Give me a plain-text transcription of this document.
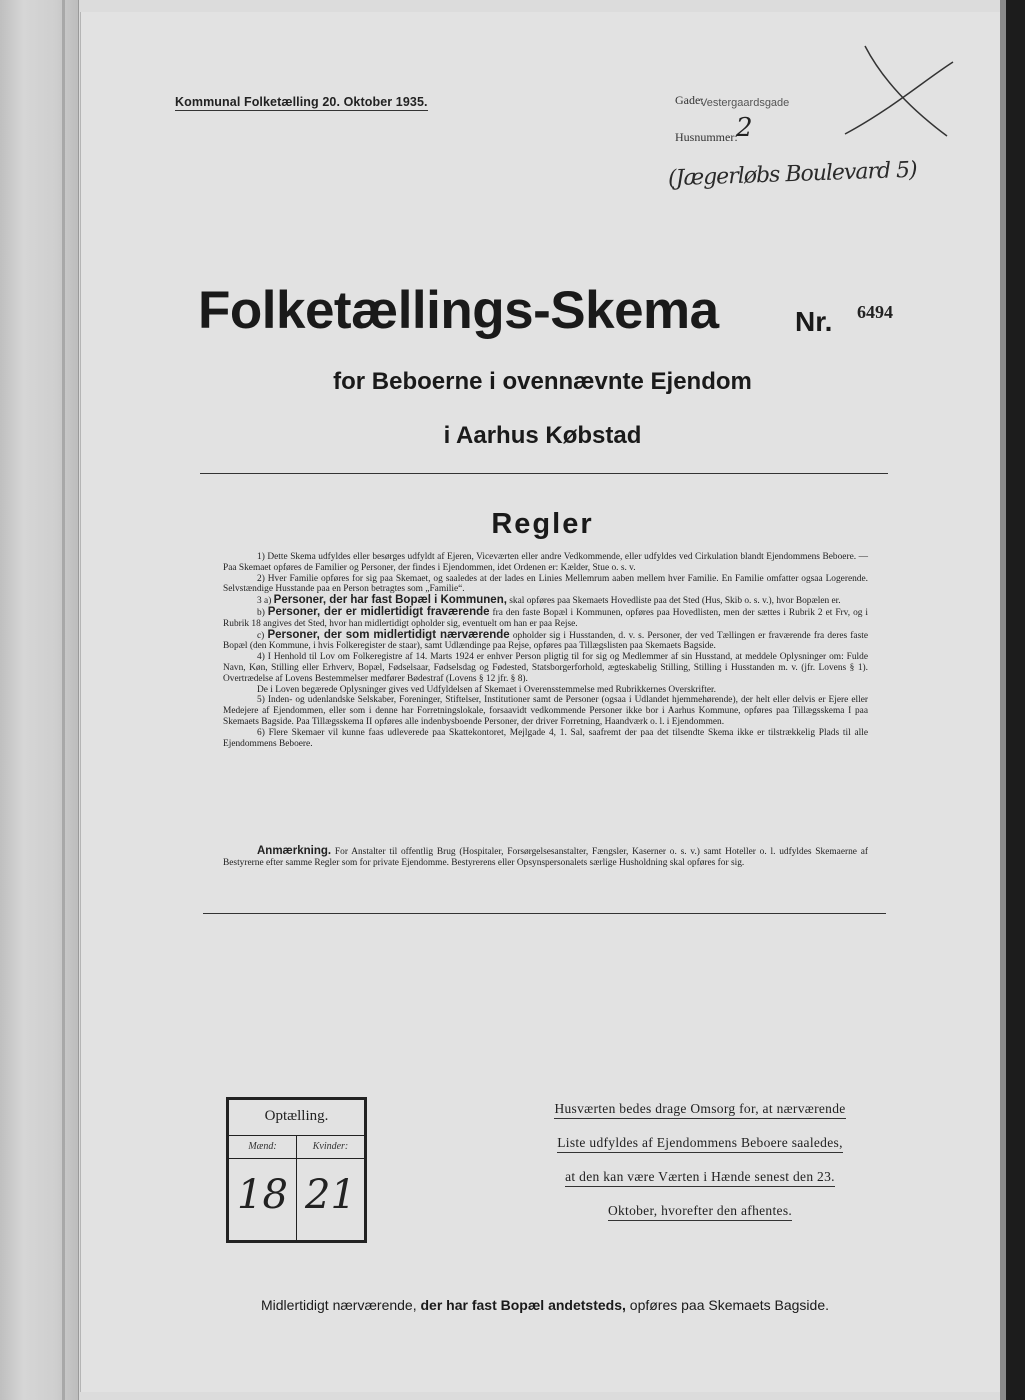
Kommunal Folketælling 20. Oktober 1935.	Gade:
Vestergaardsgade
Husnummer:
2
(Jægerløbs Boulevard 5)
Folketællings-Skema	Nr. 6494
for Beboerne i ovennævnte Ejendom
i Aarhus Købstad
Regler

1) Dette Skema udfyldes eller besørges udfyldt af Ejeren, Viceværten eller andre Vedkommende, eller udfyldes ved Cirkulation blandt Ejendommens Beboere. — Paa Skemaet opføres de Familier og Personer, der findes i Ejendommen, idet Ordenen er: Kælder, Stue o. s. v.

2) Hver Familie opføres for sig paa Skemaet, og saaledes at der lades en Linies Mellemrum aaben mellem hver Familie. En Familie omfatter ogsaa Logerende. Selvstændige Husstande paa en Person betragtes som „Familie“.

3 a) Personer, der har fast Bopæl i Kommunen, skal opføres paa Skemaets Hovedliste paa det Sted (Hus, Skib o. s. v.), hvor Bopælen er.

b) Personer, der er midlertidigt fraværende fra den faste Bopæl i Kommunen, opføres paa Hovedlisten, men der sættes i Rubrik 2 et Frv, og i Rubrik 18 angives det Sted, hvor han midlertidigt opholder sig, eventuelt om han er paa Rejse.

c) Personer, der som midlertidigt nærværende opholder sig i Husstanden, d. v. s. Personer, der ved Tællingen er fraværende fra deres faste Bopæl (den Kommune, i hvis Folkeregister de staar), samt Udlændinge paa Rejse, opføres paa Tillægslisten paa Skemaets Bagside.

4) I Henhold til Lov om Folkeregistre af 14. Marts 1924 er enhver Person pligtig til for sig og Medlemmer af sin Husstand, at meddele Oplysninger om: Fulde Navn, Køn, Stilling eller Erhverv, Bopæl, Fødselsaar, Fødselsdag og Fødested, Statsborgerforhold, ægteskabelig Stilling, Stilling i Husstanden m. v. (jfr. Lovens § 1). Overtrædelse af Lovens Bestemmelser medfører Bødestraf (Lovens § 12 jfr. § 8).

De i Loven begærede Oplysninger gives ved Udfyldelsen af Skemaet i Overensstemmelse med Rubrikkernes Overskrifter.

5) Inden- og udenlandske Selskaber, Foreninger, Stiftelser, Institutioner samt de Personer (ogsaa i Udlandet hjemmehørende), der helt eller delvis er Ejere eller Medejere af Ejendommen, eller som i denne har Forretningslokale, forsaavidt vedkommende Personer ikke bor i Aarhus Kommune, opføres paa Tillægsskema I paa Skemaets Bagside. Paa Tillægsskema II opføres alle indenbysboende Personer, der driver Forretning, Haandværk o. l. i Ejendommen.

6) Flere Skemaer vil kunne faas udleverede paa Skattekontoret, Mejlgade 4, 1. Sal, saafremt der paa det tilsendte Skema ikke er tilstrækkelig Plads til alle Ejendommens Beboere.

Anmærkning. For Anstalter til offentlig Brug (Hospitaler, Forsørgelsesanstalter, Fængsler, Kaserner o. s. v.) samt Hoteller o. l. udfyldes Skemaerne af Bestyrerne efter samme Regler som for private Ejendomme. Bestyrerens eller Opsynspersonalets særlige Husholdning skal opføres for sig.

Optælling.
Mænd:
18
Kvinder:
21
Husværten bedes drage Omsorg for, at nærværende
Liste udfyldes af Ejendommens Beboere saaledes,
at den kan være Værten i Hænde senest den 23.
Oktober, hvorefter den afhentes.
Midlertidigt nærværende, der har fast Bopæl andetsteds, opføres paa Skemaets Bagside.
